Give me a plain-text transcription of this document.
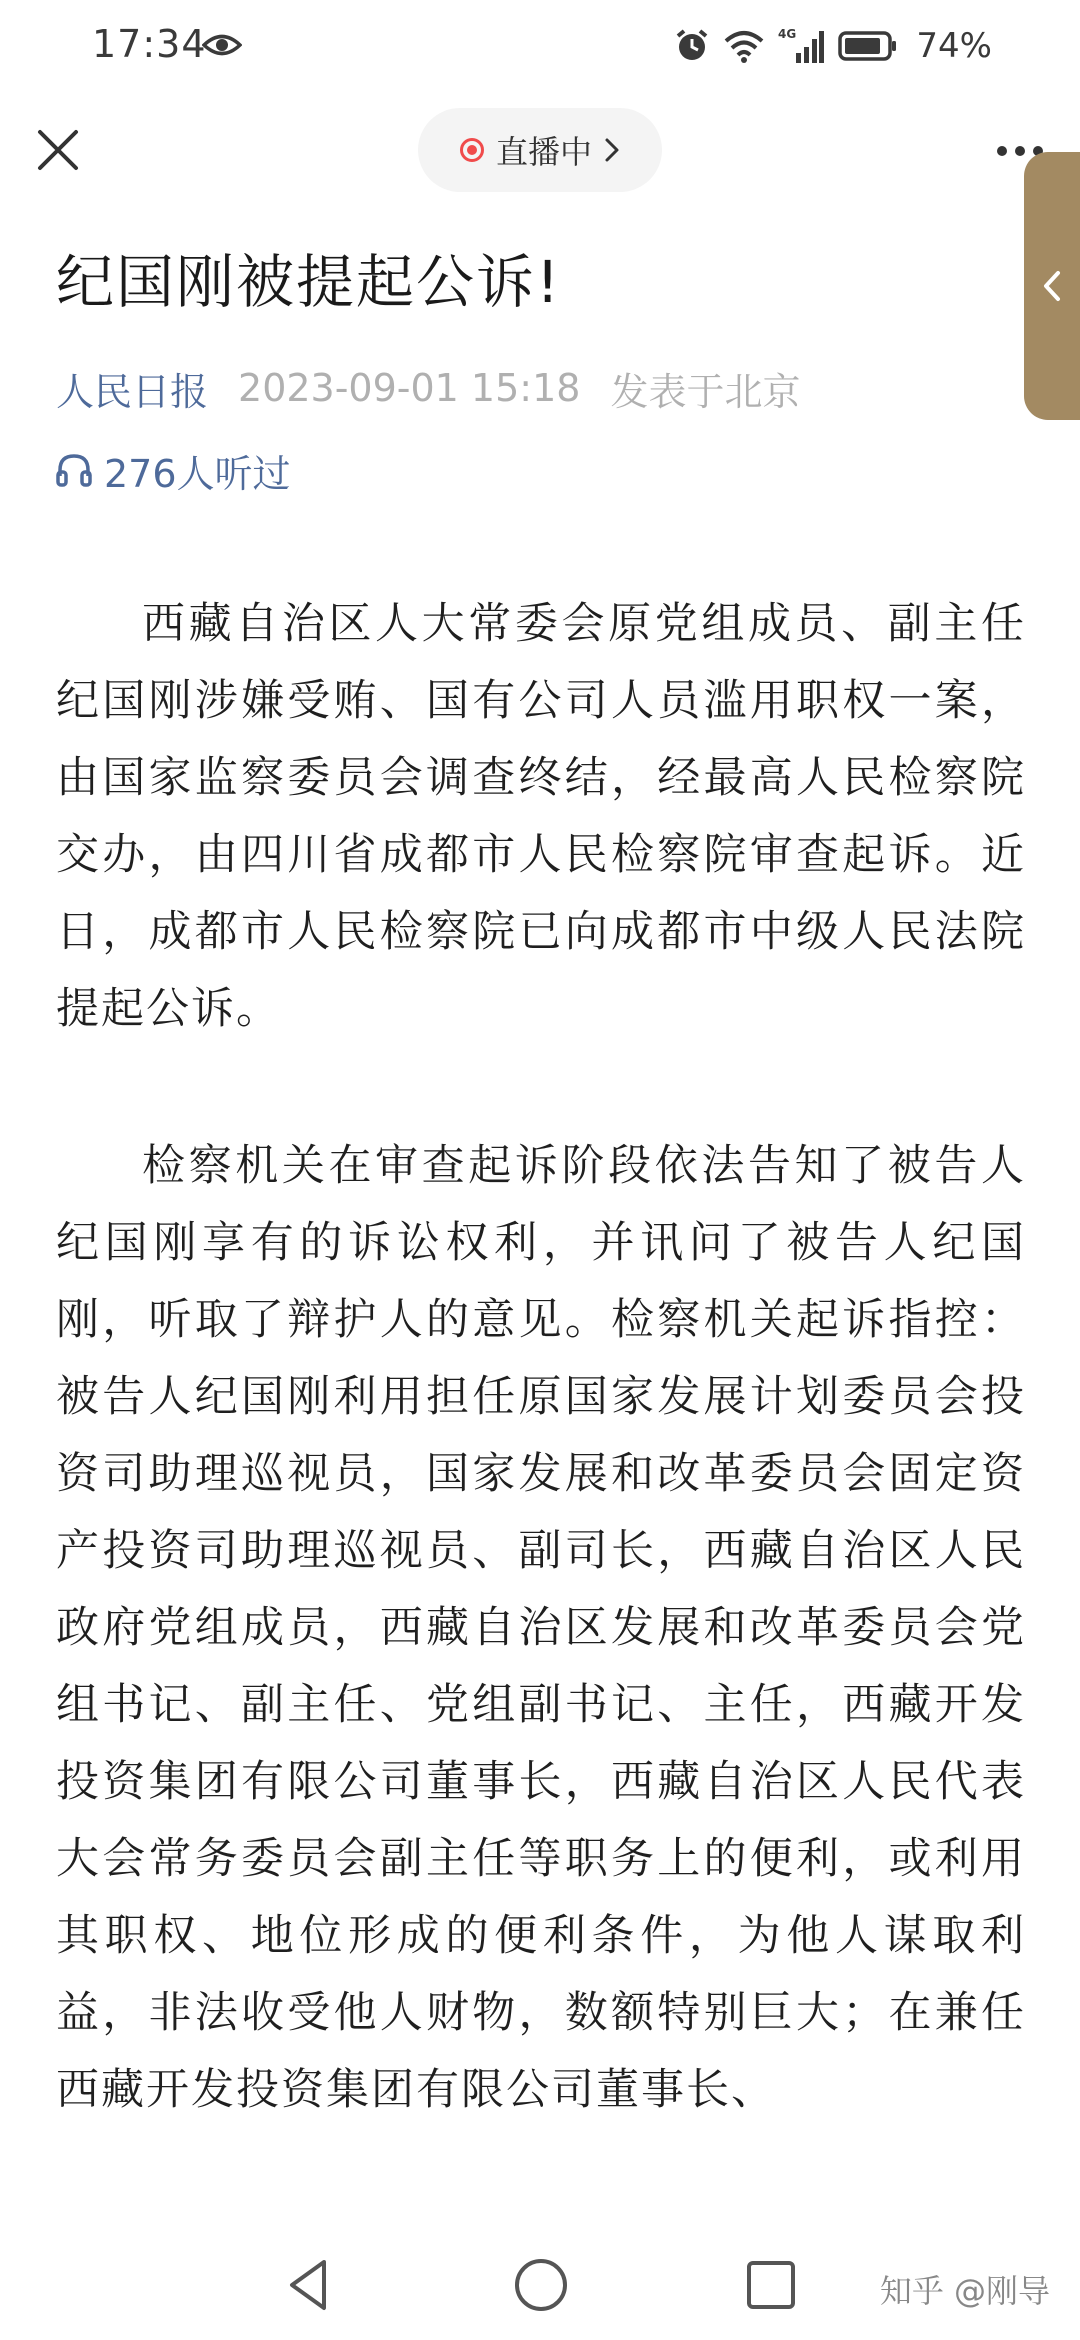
17:34	4G	74%
直播中
纪国刚被提起公诉!
人民日报 2023-09-01 15:18 发表于北京
276人听过

西藏自治区人大常委会原党组成员、副主任纪国刚涉嫌受贿、国有公司人员滥用职权一案，由国家监察委员会调查终结，经最高人民检察院交办，由四川省成都市人民检察院审查起诉。近日，成都市人民检察院已向成都市中级人民法院提起公诉。

检察机关在审查起诉阶段依法告知了被告人纪国刚享有的诉讼权利，并讯问了被告人纪国刚，听取了辩护人的意见。检察机关起诉指控：被告人纪国刚利用担任原国家发展计划委员会投资司助理巡视员，国家发展和改革委员会固定资产投资司助理巡视员、副司长，西藏自治区人民政府党组成员，西藏自治区发展和改革委员会党组书记、副主任、党组副书记、主任，西藏开发投资集团有限公司董事长，西藏自治区人民代表大会常务委员会副主任等职务上的便利，或利用其职权、地位形成的便利条件，为他人谋取利益，非法收受他人财物，数额特别巨大；在兼任西藏开发投资集团有限公司董事长、

知乎 @刚导
